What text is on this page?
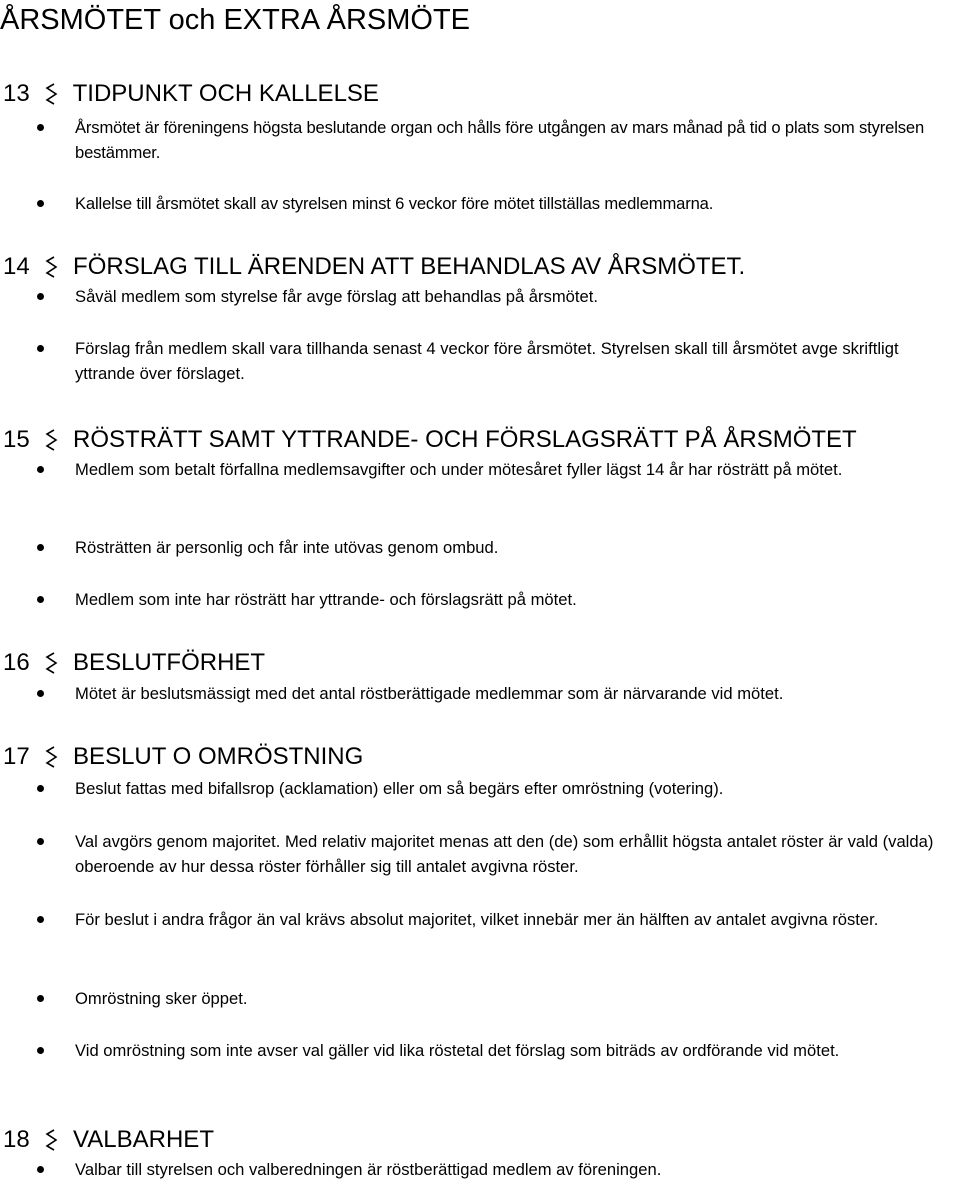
ÅRSMÖTET och EXTRA ÅRSMÖTE
13 TIDPUNKT OCH KALLELSE
Årsmötet är föreningens högsta beslutande organ och hålls före utgången av mars månad på tid o plats som styrelsen bestämmer.
Kallelse till årsmötet skall av styrelsen minst 6 veckor före mötet tillställas medlemmarna.
14 FÖRSLAG TILL ÄRENDEN ATT BEHANDLAS AV ÅRSMÖTET.
Såväl medlem som styrelse får avge förslag att behandlas på årsmötet.
Förslag från medlem skall vara tillhanda senast 4 veckor före årsmötet. Styrelsen skall till årsmötet avge skriftligt yttrande över förslaget.
15 RÖSTRÄTT SAMT YTTRANDE- OCH FÖRSLAGSRÄTT PÅ ÅRSMÖTET
Medlem som betalt förfallna medlemsavgifter och under mötesåret fyller lägst 14 år har rösträtt på mötet.
Rösträtten är personlig och får inte utövas genom ombud.
Medlem som inte har rösträtt har yttrande- och förslagsrätt på mötet.
16 BESLUTFÖRHET
Mötet är beslutsmässigt med det antal röstberättigade medlemmar som är närvarande vid mötet.
17 BESLUT O OMRÖSTNING
Beslut fattas med bifallsrop (acklamation) eller om så begärs efter omröstning (votering).
Val avgörs genom majoritet. Med relativ majoritet menas att den (de) som erhållit högsta antalet röster är vald (valda) oberoende av hur dessa röster förhåller sig till antalet avgivna röster.
För beslut i andra frågor än val krävs absolut majoritet, vilket innebär mer än hälften av antalet avgivna röster.
Omröstning sker öppet.
Vid omröstning som inte avser val gäller vid lika röstetal det förslag som biträds av ordförande vid mötet.
18 VALBARHET
Valbar till styrelsen och valberedningen är röstberättigad medlem av föreningen.
